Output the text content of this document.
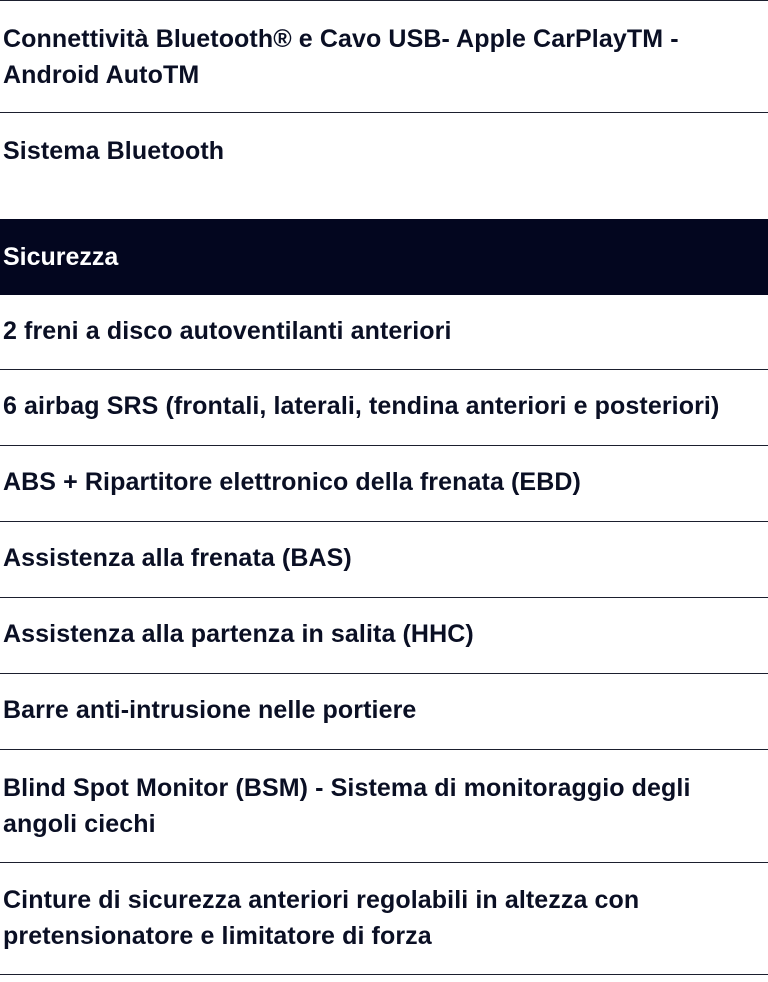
Connettività Bluetooth® e Cavo USB- Apple CarPlayTM - Android AutoTM
Sistema Bluetooth
Sicurezza
2 freni a disco autoventilanti anteriori
6 airbag SRS (frontali, laterali, tendina anteriori e posteriori)
ABS + Ripartitore elettronico della frenata (EBD)
Assistenza alla frenata (BAS)
Assistenza alla partenza in salita (HHC)
Barre anti-intrusione nelle portiere
Blind Spot Monitor (BSM) - Sistema di monitoraggio degli angoli ciechi
Cinture di sicurezza anteriori regolabili in altezza con pretensionatore e limitatore di forza
